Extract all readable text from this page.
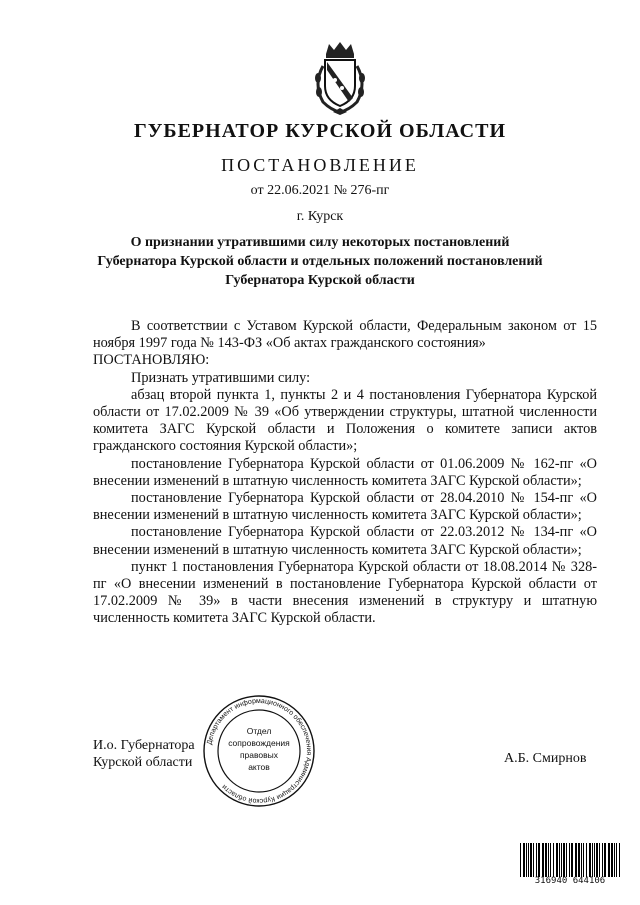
ГУБЕРНАТОР КУРСКОЙ ОБЛАСТИ
ПОСТАНОВЛЕНИЕ
от 22.06.2021 № 276-пг
г. Курск
О признании утратившими силу некоторых постановлений
Губернатора Курской области и отдельных положений постановлений
Губернатора Курской области

В соответствии с Уставом Курской области, Федеральным законом от 15 ноября 1997 года № 143-ФЗ «Об актах гражданского состояния»

ПОСТАНОВЛЯЮ:

Признать утратившими силу:

абзац второй пункта 1, пункты 2 и 4 постановления Губернатора Курской области от 17.02.2009 № 39 «Об утверждении структуры, штатной численности комитета ЗАГС Курской области и Положения о комитете записи актов гражданского состояния Курской области»;

постановление Губернатора Курской области от 01.06.2009 № 162-пг «О внесении изменений в штатную численность комитета ЗАГС Курской области»;

постановление Губернатора Курской области от 28.04.2010 № 154-пг «О внесении изменений в штатную численность комитета ЗАГС Курской области»;

постановление Губернатора Курской области от 22.03.2012 № 134-пг «О внесении изменений в штатную численность комитета ЗАГС Курской области»;

пункт 1 постановления Губернатора Курской области от 18.08.2014 № 328-пг «О внесении изменений в постановление Губернатора Курской области от 17.02.2009 № 39» в части внесения изменений в структуру и штатную численность комитета ЗАГС Курской области.

И.о. Губернатора
Курской области
Департамент информационного обеспечения Администрации Курской области
Отдел
сопровождения
правовых
актов
А.Б. Смирнов
316940 644106
